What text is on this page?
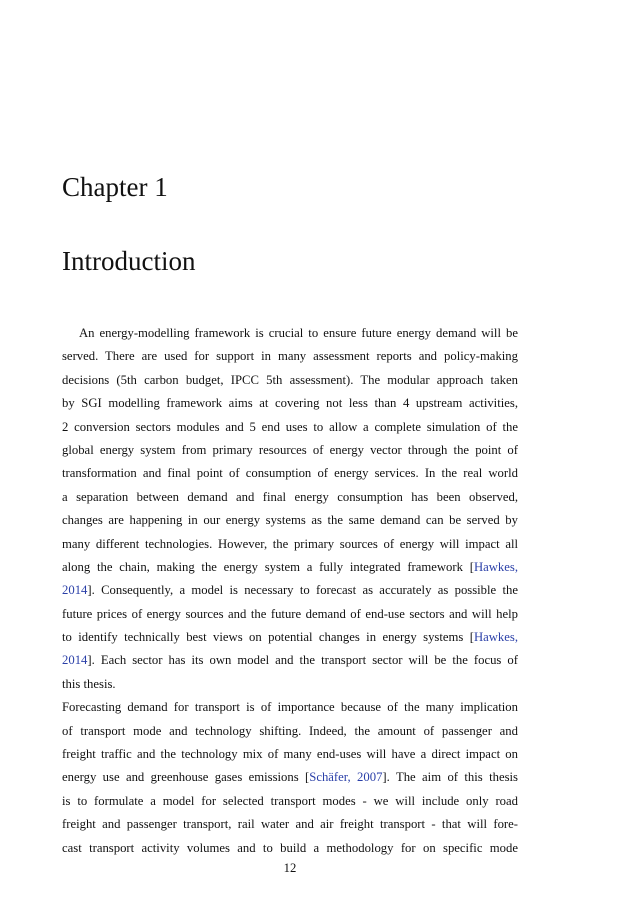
Chapter 1
Introduction
An energy-modelling framework is crucial to ensure future energy demand will be
served. There are used for support in many assessment reports and policy-making
decisions (5th carbon budget, IPCC 5th assessment). The modular approach taken
by SGI modelling framework aims at covering not less than 4 upstream activities,
2 conversion sectors modules and 5 end uses to allow a complete simulation of the
global energy system from primary resources of energy vector through the point of
transformation and final point of consumption of energy services. In the real world
a separation between demand and final energy consumption has been observed,
changes are happening in our energy systems as the same demand can be served by
many different technologies. However, the primary sources of energy will impact all
along the chain, making the energy system a fully integrated framework [Hawkes,
2014]. Consequently, a model is necessary to forecast as accurately as possible the
future prices of energy sources and the future demand of end-use sectors and will help
to identify technically best views on potential changes in energy systems [Hawkes,
2014]. Each sector has its own model and the transport sector will be the focus of
this thesis.
Forecasting demand for transport is of importance because of the many implication
of transport mode and technology shifting. Indeed, the amount of passenger and
freight traffic and the technology mix of many end-uses will have a direct impact on
energy use and greenhouse gases emissions [Schäfer, 2007]. The aim of this thesis
is to formulate a model for selected transport modes - we will include only road
freight and passenger transport, rail water and air freight transport - that will fore-
cast transport activity volumes and to build a methodology for on specific mode
12
